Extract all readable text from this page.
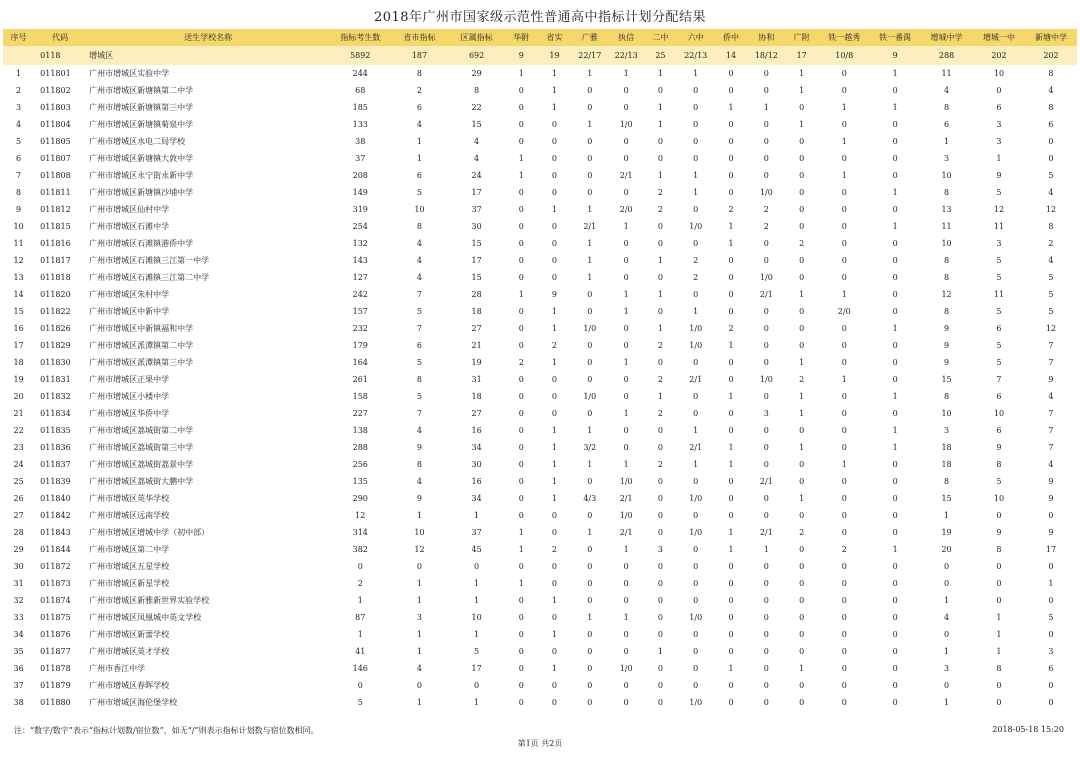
2018年广州市国家级示范性普通高中指标计划分配结果
序号	代码	送生学校名称	指标考生数	省市指标	区属指标	华附	省实	广雅	执信	二中	六中	侨中	协和	广附	铁一越秀	铁一番禺	增城中学	增城一中	新塘中学
	0118	增城区	5892	187	692	9	19	22/17	22/13	25	22/13	14	18/12	17	10/8	9	288	202	202
1	011801	广州市增城区实验中学	244	8	29	1	1	1	1	1	1	0	0	1	0	1	11	10	8
2	011802	广州市增城区新塘镇第二中学	68	2	8	0	1	0	0	0	0	0	0	1	0	0	4	0	4
3	011803	广州市增城区新塘镇第三中学	185	6	22	0	1	0	0	1	0	1	1	0	1	1	8	6	8
4	011804	广州市增城区新塘镇菊泉中学	133	4	15	0	0	1	1/0	1	0	0	0	1	0	0	6	3	6
5	011805	广州市增城区水电二局学校	38	1	4	0	0	0	0	0	0	0	0	0	1	0	1	3	0
6	011807	广州市增城区新塘镇大敦中学	37	1	4	1	0	0	0	0	0	0	0	0	0	0	3	1	0
7	011808	广州市增城区永宁街永新中学	208	6	24	1	0	0	2/1	1	1	0	0	0	1	0	10	9	5
8	011811	广州市增城区新塘镇沙埔中学	149	5	17	0	0	0	0	2	1	0	1/0	0	0	1	8	5	4
9	011812	广州市增城区仙村中学	319	10	37	0	1	1	2/0	2	0	2	2	0	0	0	13	12	12
10	011815	广州市增城区石滩中学	254	8	30	0	0	2/1	1	0	1/0	1	2	0	0	1	11	11	8
11	011816	广州市增城区石滩镇港侨中学	132	4	15	0	0	1	0	0	0	1	0	2	0	0	10	3	2
12	011817	广州市增城区石滩镇三江第一中学	143	4	17	0	0	1	0	1	2	0	0	0	0	0	8	5	4
13	011818	广州市增城区石滩镇三江第二中学	127	4	15	0	0	1	0	0	2	0	1/0	0	0	0	8	5	5
14	011820	广州市增城区朱村中学	242	7	28	1	9	0	1	1	0	0	2/1	1	1	0	12	11	5
15	011822	广州市增城区中新中学	157	5	18	0	1	0	1	0	1	0	0	0	2/0	0	8	5	5
16	011826	广州市增城区中新镇福和中学	232	7	27	0	1	1/0	0	1	1/0	2	0	0	0	1	9	6	12
17	011829	广州市增城区派潭镇第二中学	179	6	21	0	2	0	0	2	1/0	1	0	0	0	0	9	5	7
18	011830	广州市增城区派潭镇第三中学	164	5	19	2	1	0	1	0	0	0	0	1	0	0	9	5	7
19	011831	广州市增城区正果中学	261	8	31	0	0	0	0	2	2/1	0	1/0	2	1	0	15	7	9
20	011832	广州市增城区小楼中学	158	5	18	0	0	1/0	0	1	0	1	0	1	0	1	8	6	4
21	011834	广州市增城区华侨中学	227	7	27	0	0	0	1	2	0	0	3	1	0	0	10	10	7
22	011835	广州市增城区荔城街第二中学	138	4	16	0	1	1	0	0	1	0	0	0	0	1	3	6	7
23	011836	广州市增城区荔城街第三中学	288	9	34	0	1	3/2	0	0	2/1	1	0	1	0	1	18	9	7
24	011837	广州市增城区荔城街荔景中学	256	8	30	0	1	1	1	2	1	1	0	0	1	0	18	8	4
25	011839	广州市增城区荔城街大鹏中学	135	4	16	0	1	0	1/0	0	0	0	2/1	0	0	0	8	5	9
26	011840	广州市增城区英华学校	290	9	34	0	1	4/3	2/1	0	1/0	0	0	1	0	0	15	10	9
27	011842	广州市增城区远南学校	12	1	1	0	0	0	1/0	0	0	0	0	0	0	0	1	0	0
28	011843	广州市增城区增城中学（初中部）	314	10	37	1	0	1	2/1	0	1/0	1	2/1	2	0	0	19	9	9
29	011844	广州市增城区第二中学	382	12	45	1	2	0	1	3	0	1	1	0	2	1	20	8	17
30	011872	广州市增城区五星学校	0	0	0	0	0	0	0	0	0	0	0	0	0	0	0	0	0
31	011873	广州市增城区新星学校	2	1	1	1	0	0	0	0	0	0	0	0	0	0	0	0	1
32	011874	广州市增城区新雅新世界实验学校	1	1	1	0	1	0	0	0	0	0	0	0	0	0	1	0	0
33	011875	广州市增城区凤凰城中英文学校	87	3	10	0	0	1	1	0	1/0	0	0	0	0	0	4	1	5
34	011876	广州市增城区新蕾学校	1	1	1	0	1	0	0	0	0	0	0	0	0	0	0	1	0
35	011877	广州市增城区英才学校	41	1	5	0	0	0	0	1	0	0	0	0	0	0	1	1	3
36	011878	广州市香江中学	146	4	17	0	1	0	1/0	0	0	1	0	1	0	0	3	8	6
37	011879	广州市增城区春晖学校	0	0	0	0	0	0	0	0	0	0	0	0	0	0	0	0	0
38	011880	广州市增城区海伦堡学校	5	1	1	0	0	0	0	0	1/0	0	0	0	0	0	1	0	0
注：“数字/数字”表示“指标计划数/宿位数”，如无“/”则表示指标计划数与宿位数相同。	2018-05-18 15:20
第1页 共2页
